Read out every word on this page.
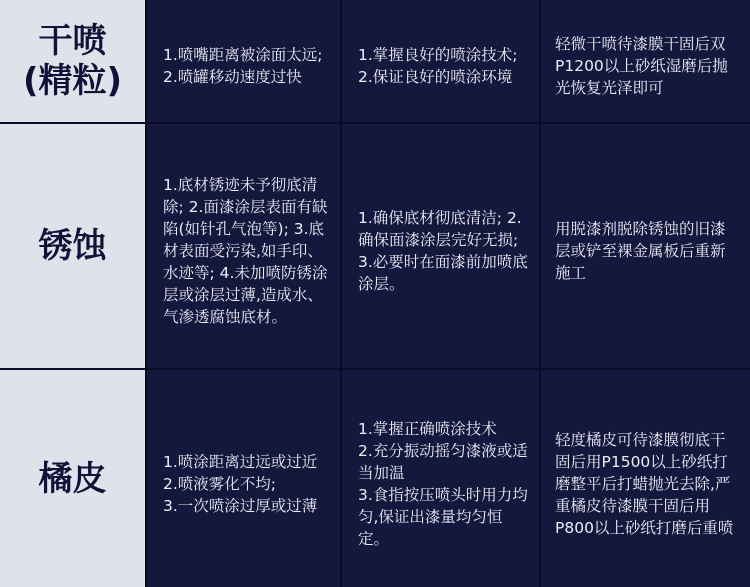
干喷
(精粒)
1.喷嘴距离被涂面太远;
2.喷罐移动速度过快
1.掌握良好的喷涂技术;
2.保证良好的喷涂环境
轻微干喷待漆膜干固后双P1200以上砂纸湿磨后抛光恢复光泽即可
锈蚀
1.底材锈迹未予彻底清除; 2.面漆涂层表面有缺陷(如针孔气泡等); 3.底材表面受污染,如手印、水迹等; 4.未加喷防锈涂层或涂层过薄,造成水、气渗透腐蚀底材。
1.确保底材彻底清洁; 2.确保面漆涂层完好无损;
3.必要时在面漆前加喷底涂层。
用脱漆剂脱除锈蚀的旧漆层或铲至裸金属板后重新施工
橘皮	1.喷涂距离过远或过近
2.喷液雾化不均;
3.一次喷涂过厚或过薄
1.掌握正确喷涂技术
2.充分振动摇匀漆液或适当加温
3.食指按压喷头时用力均匀,保证出漆量均匀恒定。
轻度橘皮可待漆膜彻底干固后用P1500以上砂纸打磨整平后打蜡抛光去除,严重橘皮待漆膜干固后用P800以上砂纸打磨后重喷
